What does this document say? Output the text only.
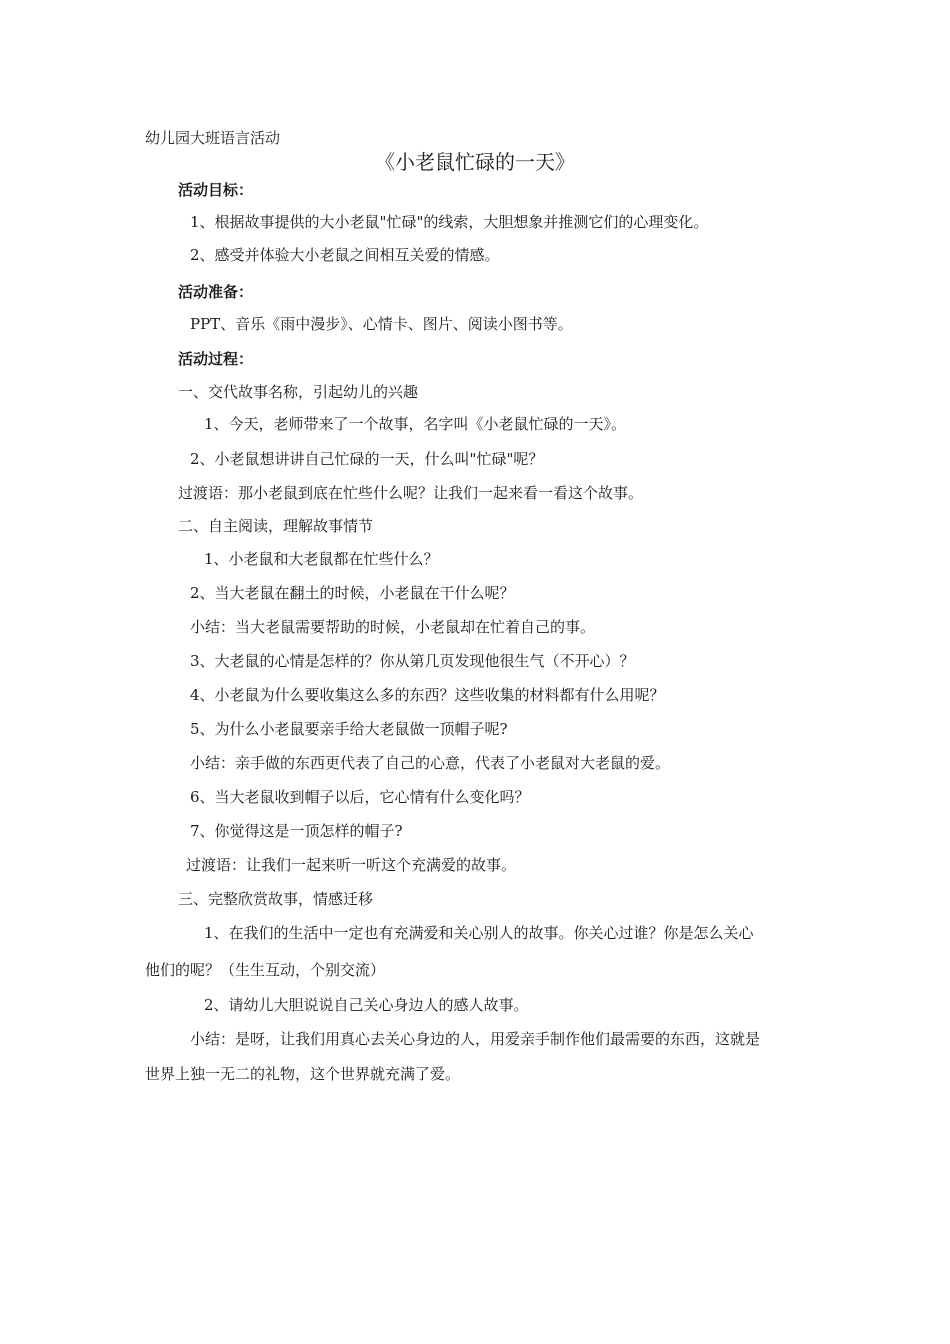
幼儿园大班语言活动
《小老鼠忙碌的一天》
活动目标：
1、根据故事提供的大小老鼠"忙碌"的线索，大胆想象并推测它们的心理变化。
2、感受并体验大小老鼠之间相互关爱的情感。
活动准备：
PPT、音乐《雨中漫步》、心情卡、图片、阅读小图书等。
活动过程：
一、交代故事名称，引起幼儿的兴趣
1、今天，老师带来了一个故事，名字叫《小老鼠忙碌的一天》。
2、小老鼠想讲讲自己忙碌的一天，什么叫"忙碌"呢？
过渡语：那小老鼠到底在忙些什么呢？让我们一起来看一看这个故事。
二、自主阅读，理解故事情节
1、小老鼠和大老鼠都在忙些什么？
2、当大老鼠在翻土的时候，小老鼠在干什么呢？
小结：当大老鼠需要帮助的时候，小老鼠却在忙着自己的事。
3、大老鼠的心情是怎样的？你从第几页发现他很生气（不开心）？
4、小老鼠为什么要收集这么多的东西？这些收集的材料都有什么用呢？
5、为什么小老鼠要亲手给大老鼠做一顶帽子呢?
小结：亲手做的东西更代表了自己的心意，代表了小老鼠对大老鼠的爱。
6、当大老鼠收到帽子以后，它心情有什么变化吗？
7、你觉得这是一顶怎样的帽子?
过渡语：让我们一起来听一听这个充满爱的故事。
三、完整欣赏故事，情感迁移
1、在我们的生活中一定也有充满爱和关心别人的故事。你关心过谁？你是怎么关心
他们的呢？（生生互动，个别交流）
2、请幼儿大胆说说自己关心身边人的感人故事。
小结：是呀，让我们用真心去关心身边的人，用爱亲手制作他们最需要的东西，这就是
世界上独一无二的礼物，这个世界就充满了爱。
